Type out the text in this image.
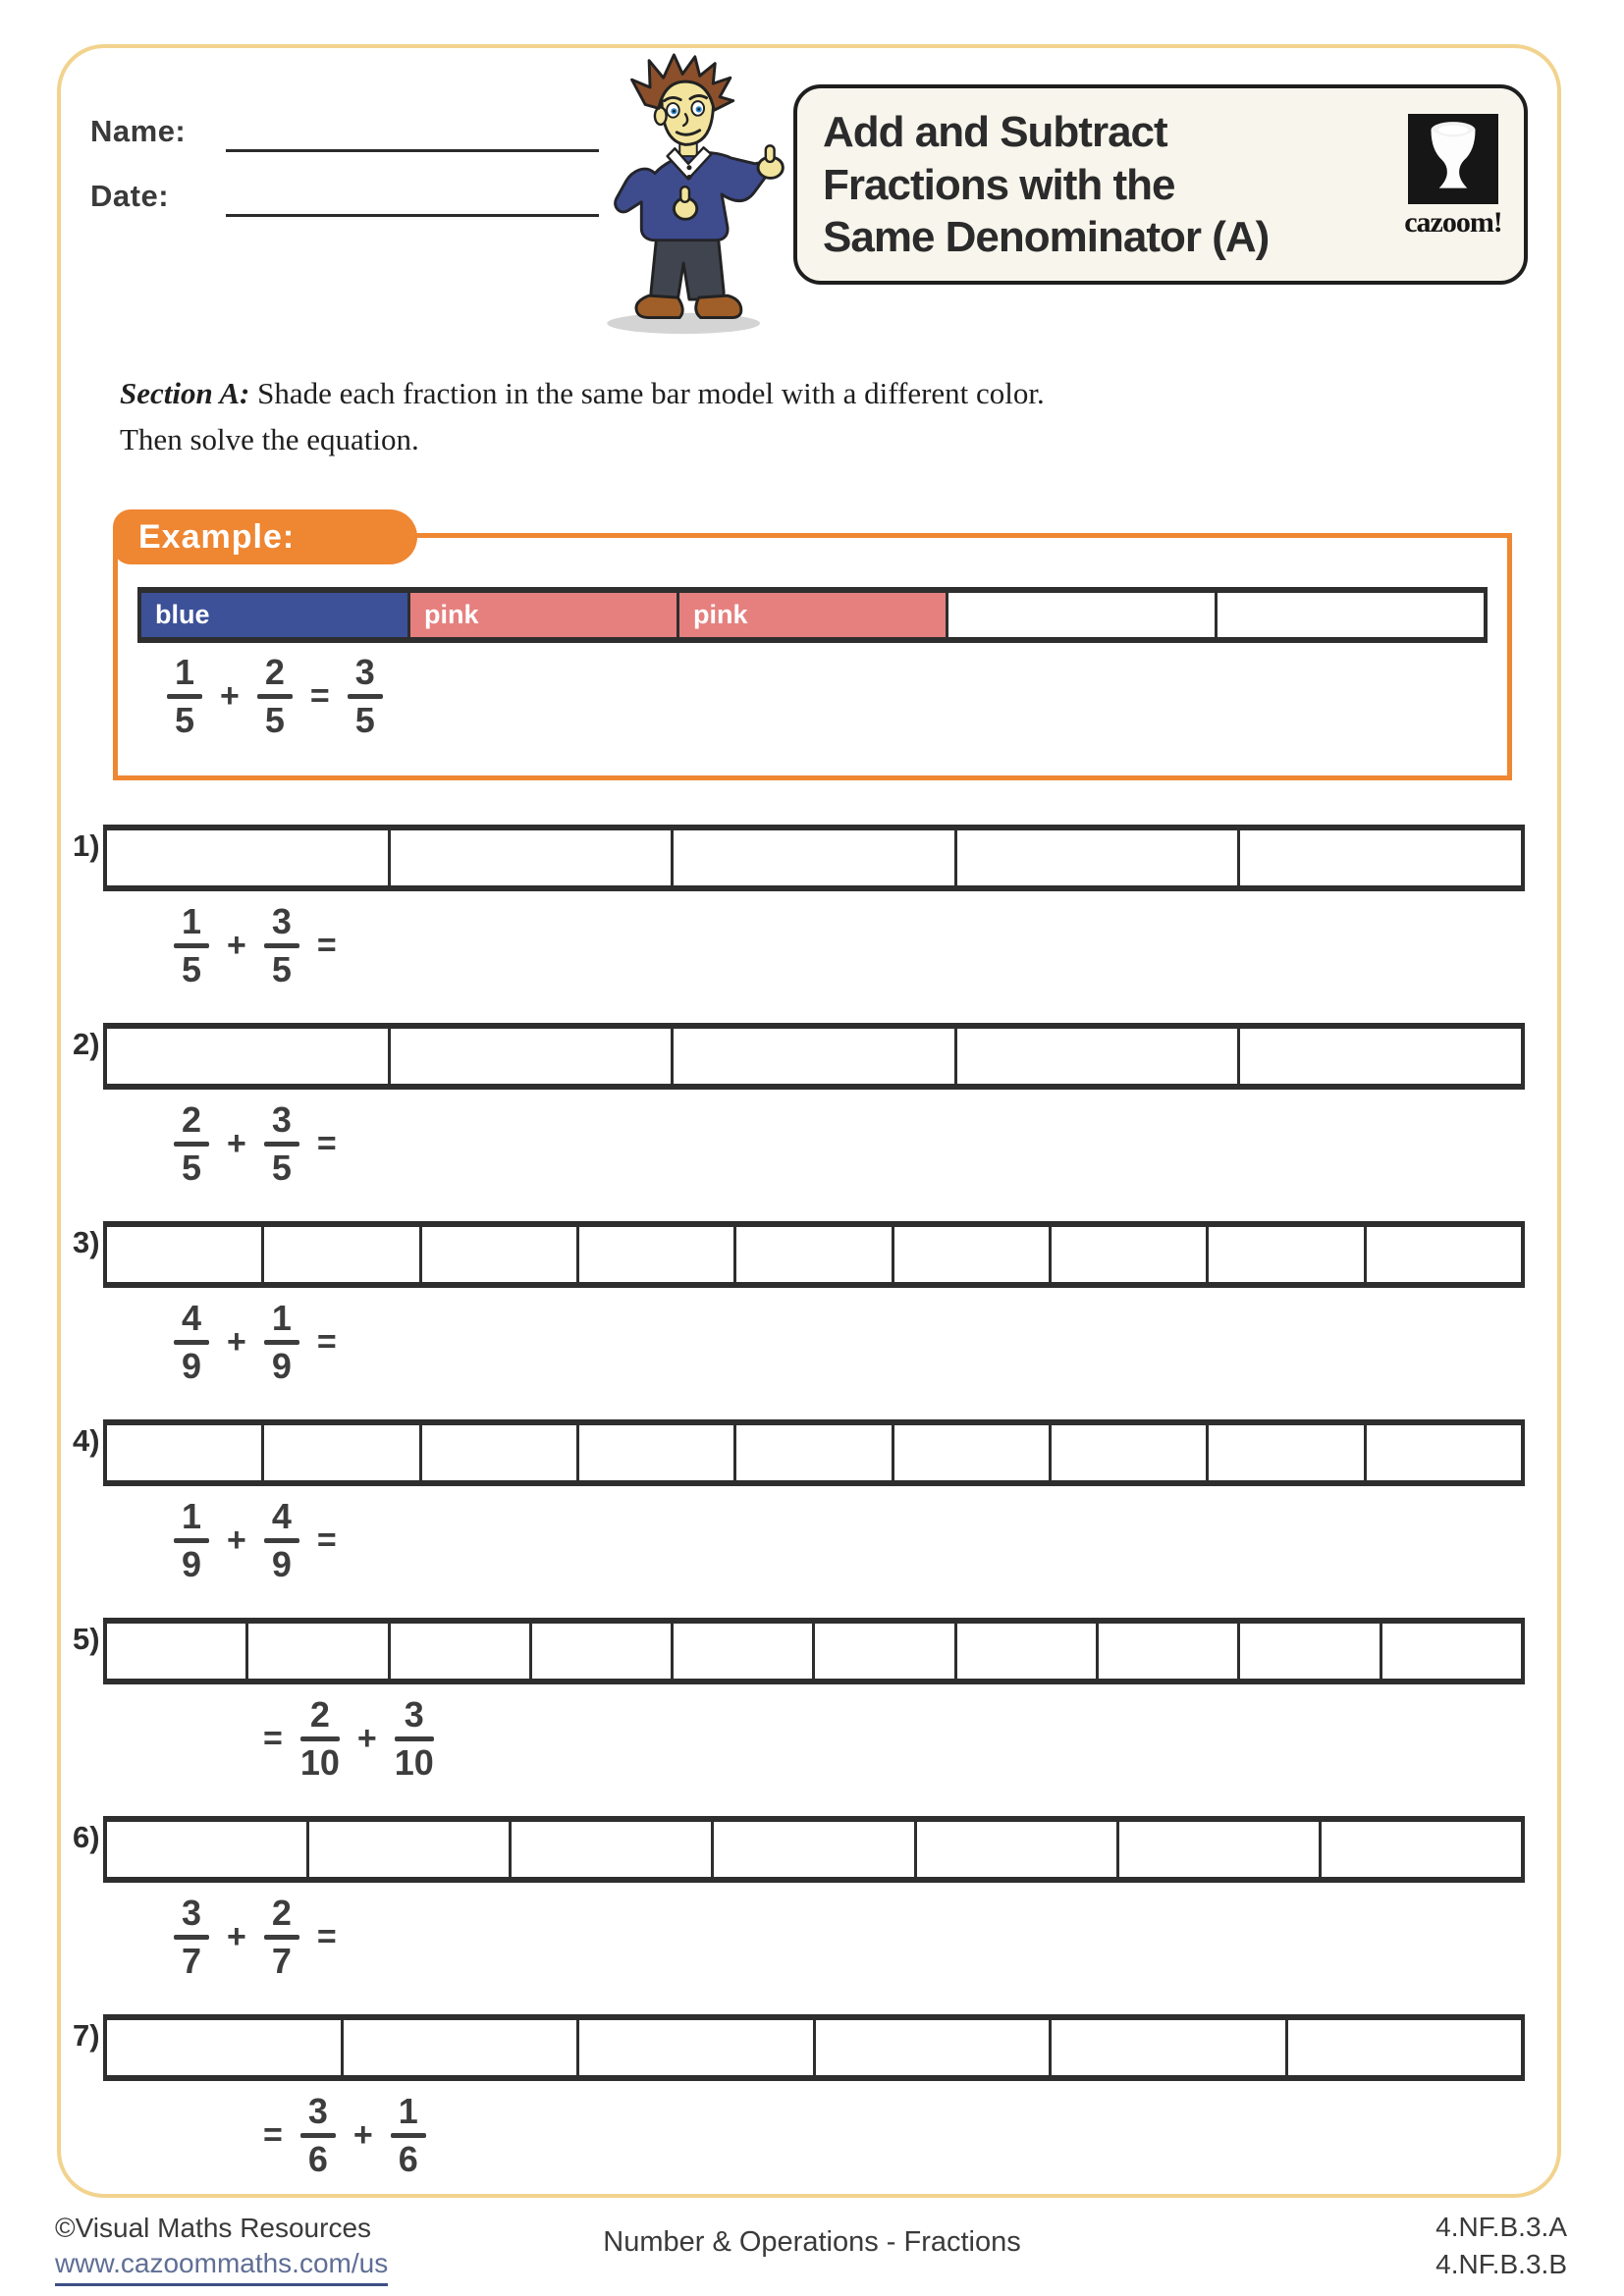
Name:
Date:
Add and Subtract
Fractions with the
Same Denominator (A)	cazoom!
Section A: Shade each fraction in the same bar model with a different color.
Then solve the equation.
Example:
blue	pink	pink
1
5
+
2
5
=
3
5
1)
1
5
+
3
5
=
2)
2
5
+
3
5
=
3)
4
9
+
1
9
=
4)
1
9
+
4
9
=
5)
=
2
10
+
3
10
6)
3
7
+
2
7
=
7)
=
3
6
+
1
6
©Visual Maths Resources
www.cazoommaths.com/us
Number & Operations - Fractions	4.NF.B.3.A
4.NF.B.3.B
